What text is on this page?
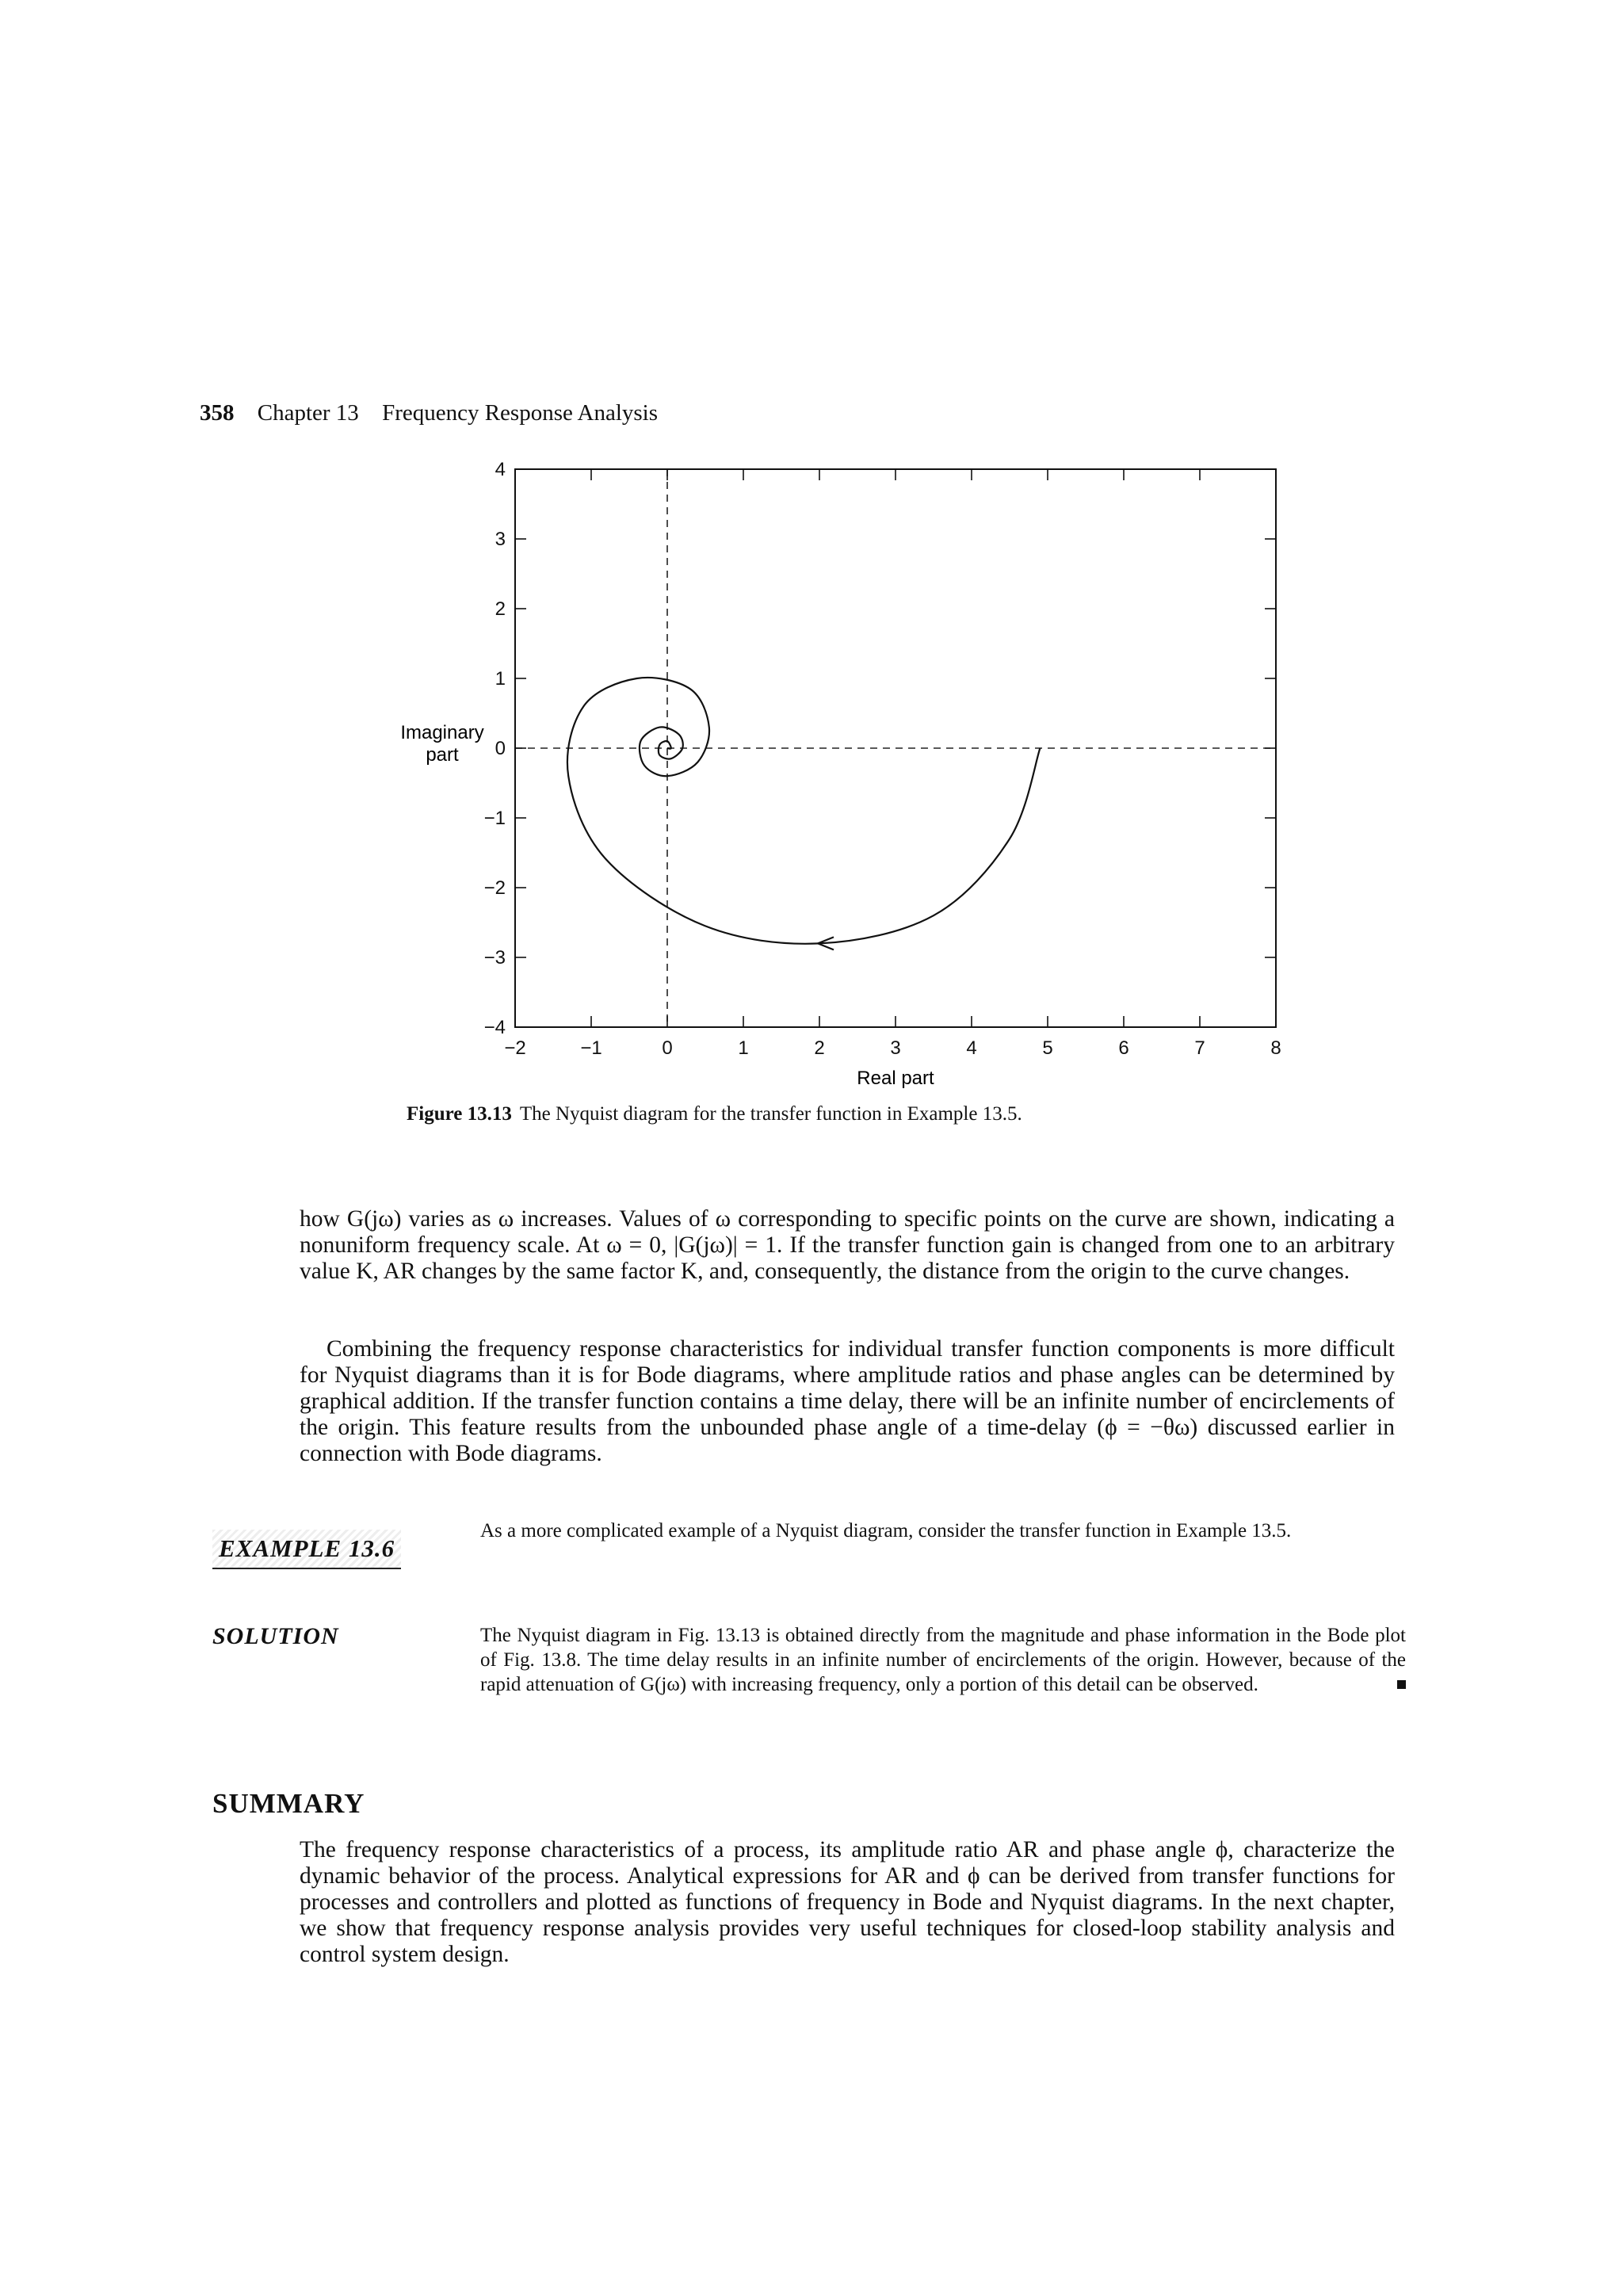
358 Chapter 13 Frequency Response Analysis
−2	−1	0	1	2	3	4	5	6	7	8
4
3
2
1
0
−1
−2
−3
−4
Real part
Imaginary
part
Figure 13.13 The Nyquist diagram for the transfer function in Example 13.5.

how G(jω) varies as ω increases. Values of ω corresponding to specific points on the curve are shown, indicating a nonuniform frequency scale. At ω = 0, |G(jω)| = 1. If the transfer function gain is changed from one to an arbitrary value K, AR changes by the same factor K, and, consequently, the distance from the origin to the curve changes.

Combining the frequency response characteristics for individual transfer function components is more difficult for Nyquist diagrams than it is for Bode diagrams, where amplitude ratios and phase angles can be determined by graphical addition. If the transfer function contains a time delay, there will be an infinite number of encirclements of the origin. This feature results from the unbounded phase angle of a time-delay (ϕ = −θω) discussed earlier in connection with Bode diagrams.

EXAMPLE 13.6
As a more complicated example of a Nyquist diagram, consider the transfer function in Example 13.5.
SOLUTION	The Nyquist diagram in Fig. 13.13 is obtained directly from the magnitude and phase information in the Bode plot of Fig. 13.8. The time delay results in an infinite number of encirclements of the origin. However, because of the rapid attenuation of G(jω) with increasing frequency, only a portion of this detail can be observed.
SUMMARY
The frequency response characteristics of a process, its amplitude ratio AR and phase angle ϕ, characterize the dynamic behavior of the process. Analytical expressions for AR and ϕ can be derived from transfer functions for processes and controllers and plotted as functions of frequency in Bode and Nyquist diagrams. In the next chapter, we show that frequency response analysis provides very useful techniques for closed-loop stability analysis and control system design.
